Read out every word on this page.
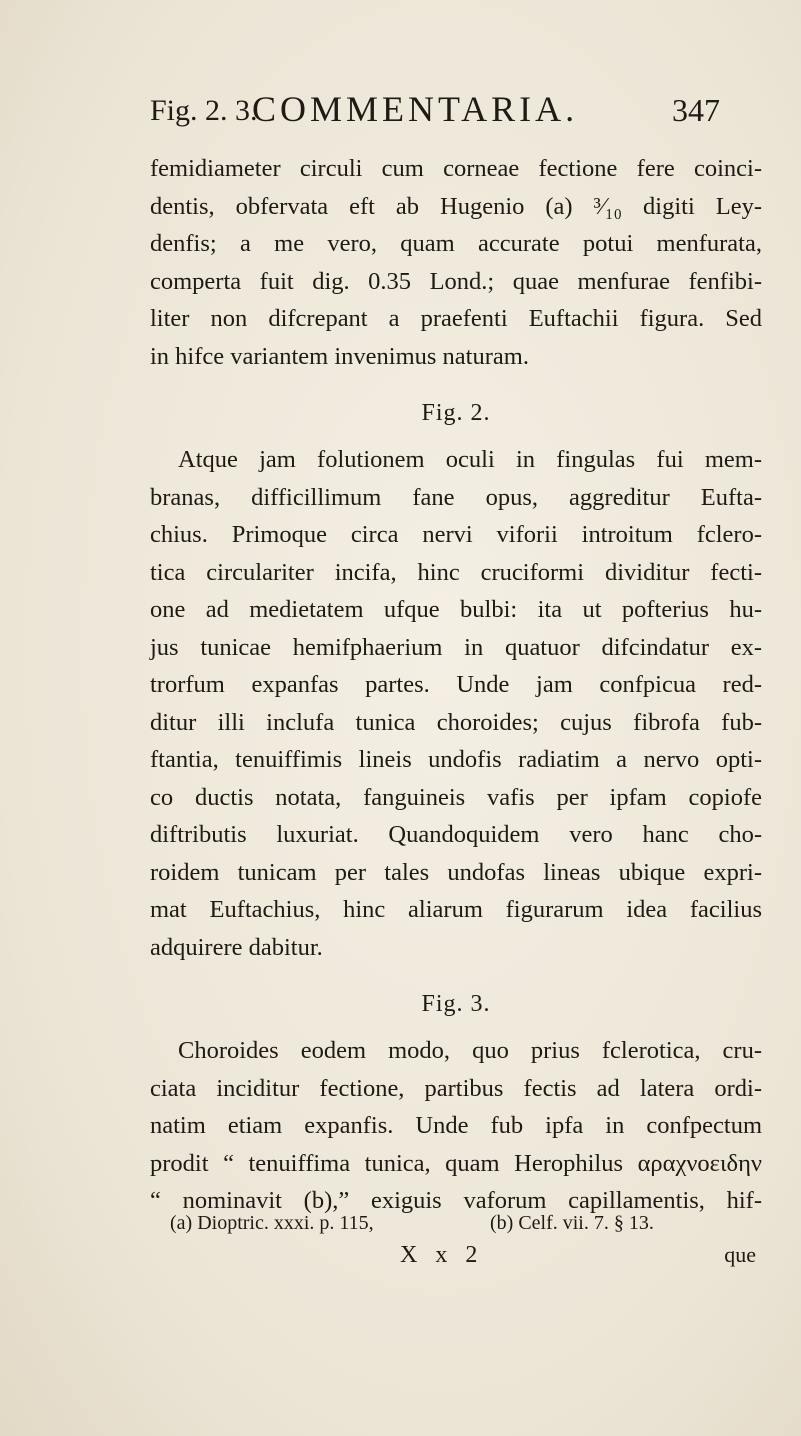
Fig. 2. 3.
COMMENTARIA.	347
femidiameter circuli cum corneae fectione fere coinci-
dentis, obfervata eft ab Hugenio (a) ³⁄₁₀ digiti Ley-
denfis; a me vero, quam accurate potui menfurata,
comperta fuit dig. 0.35 Lond.; quae menfurae fenfibi-
liter non difcrepant a praefenti Euftachii figura. Sed
in hifce variantem invenimus naturam.
Fig. 2.
Atque jam folutionem oculi in fingulas fui mem-
branas, difficillimum fane opus, aggreditur Eufta-
chius. Primoque circa nervi viforii introitum fclero-
tica circulariter incifa, hinc cruciformi dividitur fecti-
one ad medietatem ufque bulbi: ita ut pofterius hu-
jus tunicae hemifphaerium in quatuor difcindatur ex-
trorfum expanfas partes. Unde jam confpicua red-
ditur illi inclufa tunica choroides; cujus fibrofa fub-
ftantia, tenuiffimis lineis undofis radiatim a nervo opti-
co ductis notata, fanguineis vafis per ipfam copiofe
diftributis luxuriat. Quandoquidem vero hanc cho-
roidem tunicam per tales undofas lineas ubique expri-
mat Euftachius, hinc aliarum figurarum idea facilius
adquirere dabitur.
Fig. 3.
Choroides eodem modo, quo prius fclerotica, cru-
ciata inciditur fectione, partibus fectis ad latera ordi-
natim etiam expanfis. Unde fub ipfa in confpectum
prodit “ tenuiffima tunica, quam Herophilus αραχνοειδην
“ nominavit (b),” exiguis vaforum capillamentis, hif-
(a) Dioptric. xxxi. p. 115,	(b) Celf. vii. 7. § 13.
X x 2	que
